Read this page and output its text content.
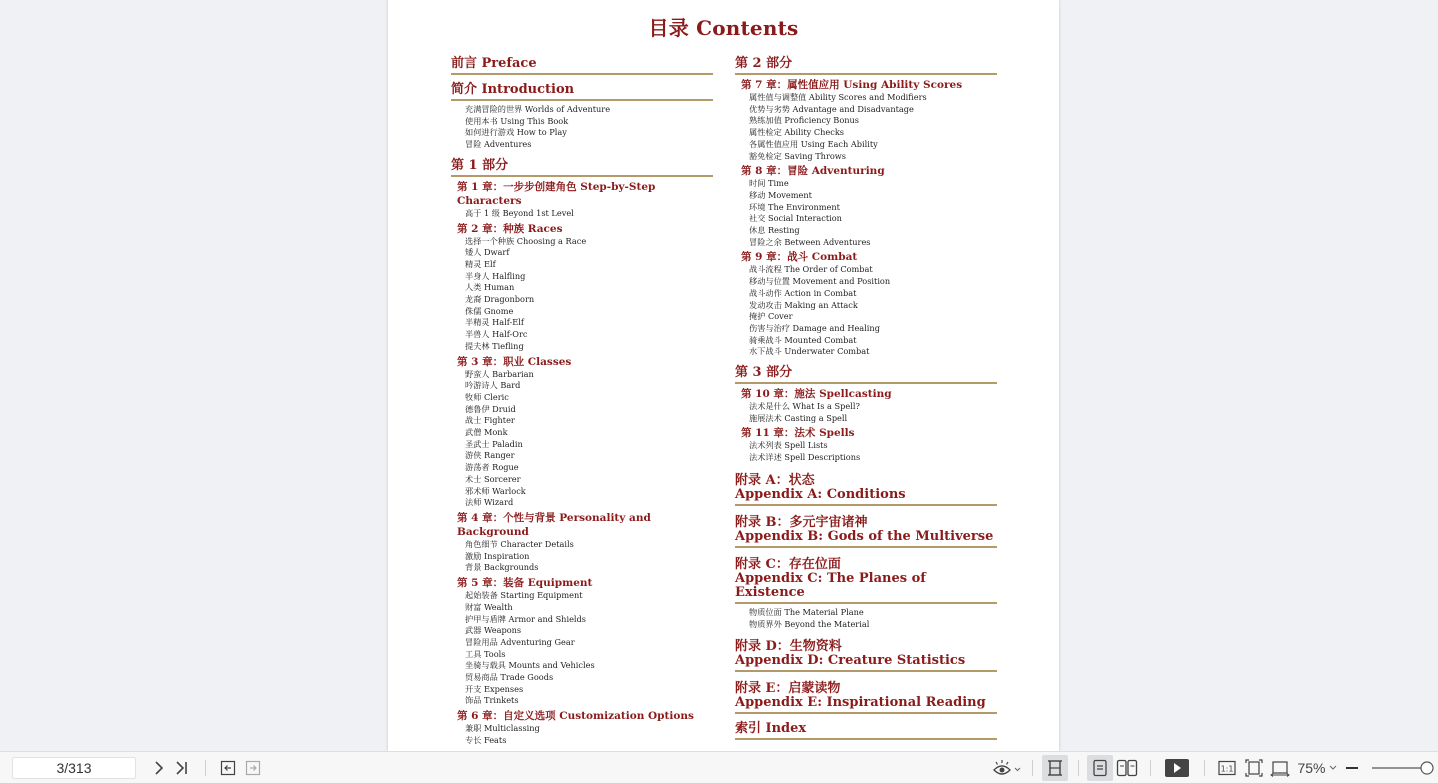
目录 Contents
前言 Preface
简介 Introduction
充满冒险的世界 Worlds of Adventure
使用本书 Using This Book
如何进行游戏 How to Play
冒险 Adventures
第 1 部分
第 1 章：一步步创建角色 Step-by-Step Characters
高于 1 级 Beyond 1st Level
第 2 章：种族 Races
选择一个种族 Choosing a Race
矮人 Dwarf
精灵 Elf
半身人 Halfling
人类 Human
龙裔 Dragonborn
侏儒 Gnome
半精灵 Half-Elf
半兽人 Half-Orc
提夫林 Tiefling
第 3 章：职业 Classes
野蛮人 Barbarian
吟游诗人 Bard
牧师 Cleric
德鲁伊 Druid
战士 Fighter
武僧 Monk
圣武士 Paladin
游侠 Ranger
游荡者 Rogue
术士 Sorcerer
邪术师 Warlock
法师 Wizard
第 4 章：个性与背景 Personality and Background
角色细节 Character Details
激励 Inspiration
背景 Backgrounds
第 5 章：装备 Equipment
起始装备 Starting Equipment
财富 Wealth
护甲与盾牌 Armor and Shields
武器 Weapons
冒险用品 Adventuring Gear
工具 Tools
坐骑与载具 Mounts and Vehicles
贸易商品 Trade Goods
开支 Expenses
饰品 Trinkets
第 6 章：自定义选项 Customization Options
兼职 Multiclassing
专长 Feats
第 2 部分
第 7 章：属性值应用 Using Ability Scores
属性值与调整值 Ability Scores and Modifiers
优势与劣势 Advantage and Disadvantage
熟练加值 Proficiency Bonus
属性检定 Ability Checks
各属性值应用 Using Each Ability
豁免检定 Saving Throws
第 8 章：冒险 Adventuring
时间 Time
移动 Movement
环境 The Environment
社交 Social Interaction
休息 Resting
冒险之余 Between Adventures
第 9 章：战斗 Combat
战斗流程 The Order of Combat
移动与位置 Movement and Position
战斗动作 Action in Combat
发动攻击 Making an Attack
掩护 Cover
伤害与治疗 Damage and Healing
骑乘战斗 Mounted Combat
水下战斗 Underwater Combat
第 3 部分
第 10 章：施法 Spellcasting
法术是什么 What Is a Spell?
施展法术 Casting a Spell
第 11 章：法术 Spells
法术列表 Spell Lists
法术详述 Spell Descriptions
附录 A：状态
Appendix A: Conditions
附录 B：多元宇宙诸神
Appendix B: Gods of the Multiverse
附录 C：存在位面
Appendix C: The Planes of Existence
物质位面 The Material Plane
物质界外 Beyond the Material
附录 D：生物资料
Appendix D: Creature Statistics
附录 E：启蒙读物
Appendix E: Inspirational Reading
索引 Index
3/313	1:1	75%
